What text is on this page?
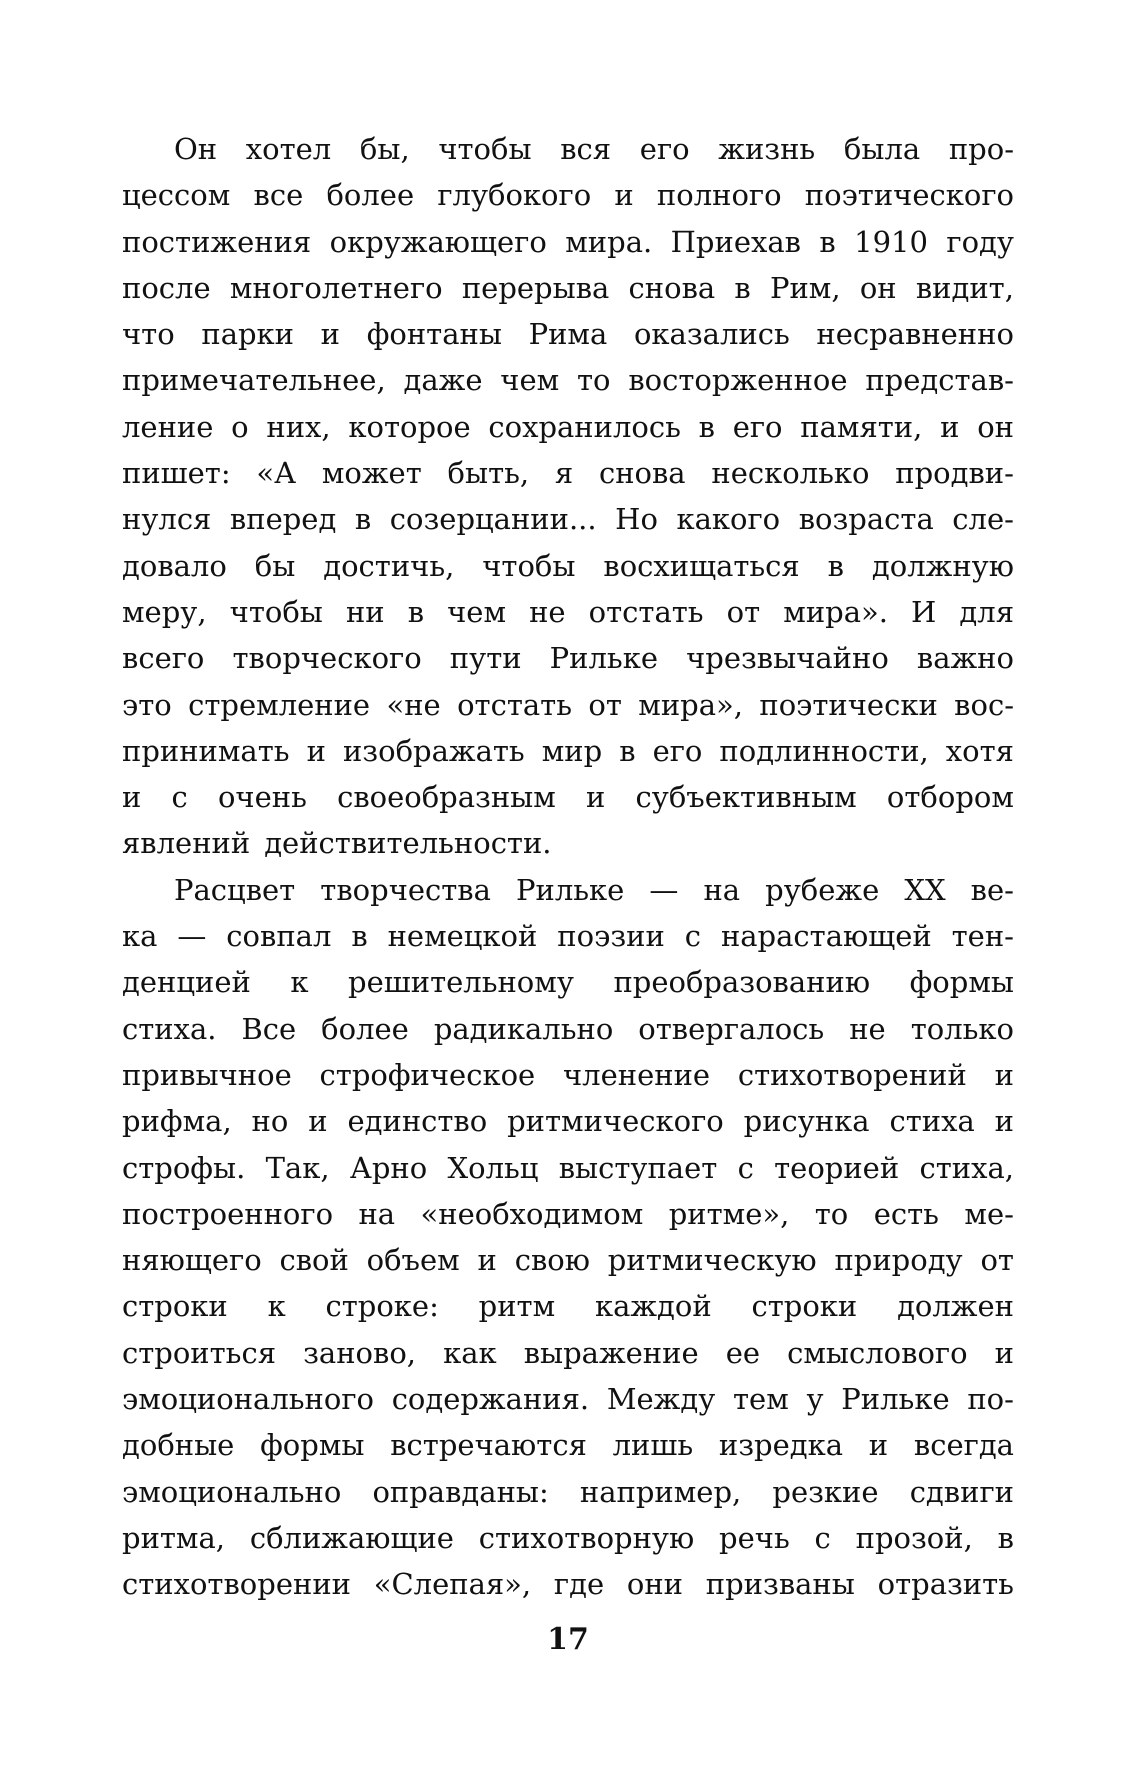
Он хотел бы, чтобы вся его жизнь была про-
цессом все более глубокого и полного поэтического
постижения окружающего мира. Приехав в 1910 году
после многолетнего перерыва снова в Рим, он видит,
что парки и фонтаны Рима оказались несравненно
примечательнее, даже чем то восторженное представ-
ление о них, которое сохранилось в его памяти, и он
пишет: «А может быть, я снова несколько продви-
нулся вперед в созерцании... Но какого возраста сле-
довало бы достичь, чтобы восхищаться в должную
меру, чтобы ни в чем не отстать от мира». И для
всего творческого пути Рильке чрезвычайно важно
это стремление «не отстать от мира», поэтически вос-
принимать и изображать мир в его подлинности, хотя
и с очень своеобразным и субъективным отбором
явлений действительности.
Расцвет творчества Рильке — на рубеже XX ве-
ка — совпал в немецкой поэзии с нарастающей тен-
денцией к решительному преобразованию формы
стиха. Все более радикально отвергалось не только
привычное строфическое членение стихотворений и
рифма, но и единство ритмического рисунка стиха и
строфы. Так, Арно Хольц выступает с теорией стиха,
построенного на «необходимом ритме», то есть ме-
няющего свой объем и свою ритмическую природу от
строки к строке: ритм каждой строки должен
строиться заново, как выражение ее смыслового и
эмоционального содержания. Между тем у Рильке по-
добные формы встречаются лишь изредка и всегда
эмоционально оправданы: например, резкие сдвиги
ритма, сближающие стихотворную речь с прозой, в
стихотворении «Слепая», где они призваны отразить
17
